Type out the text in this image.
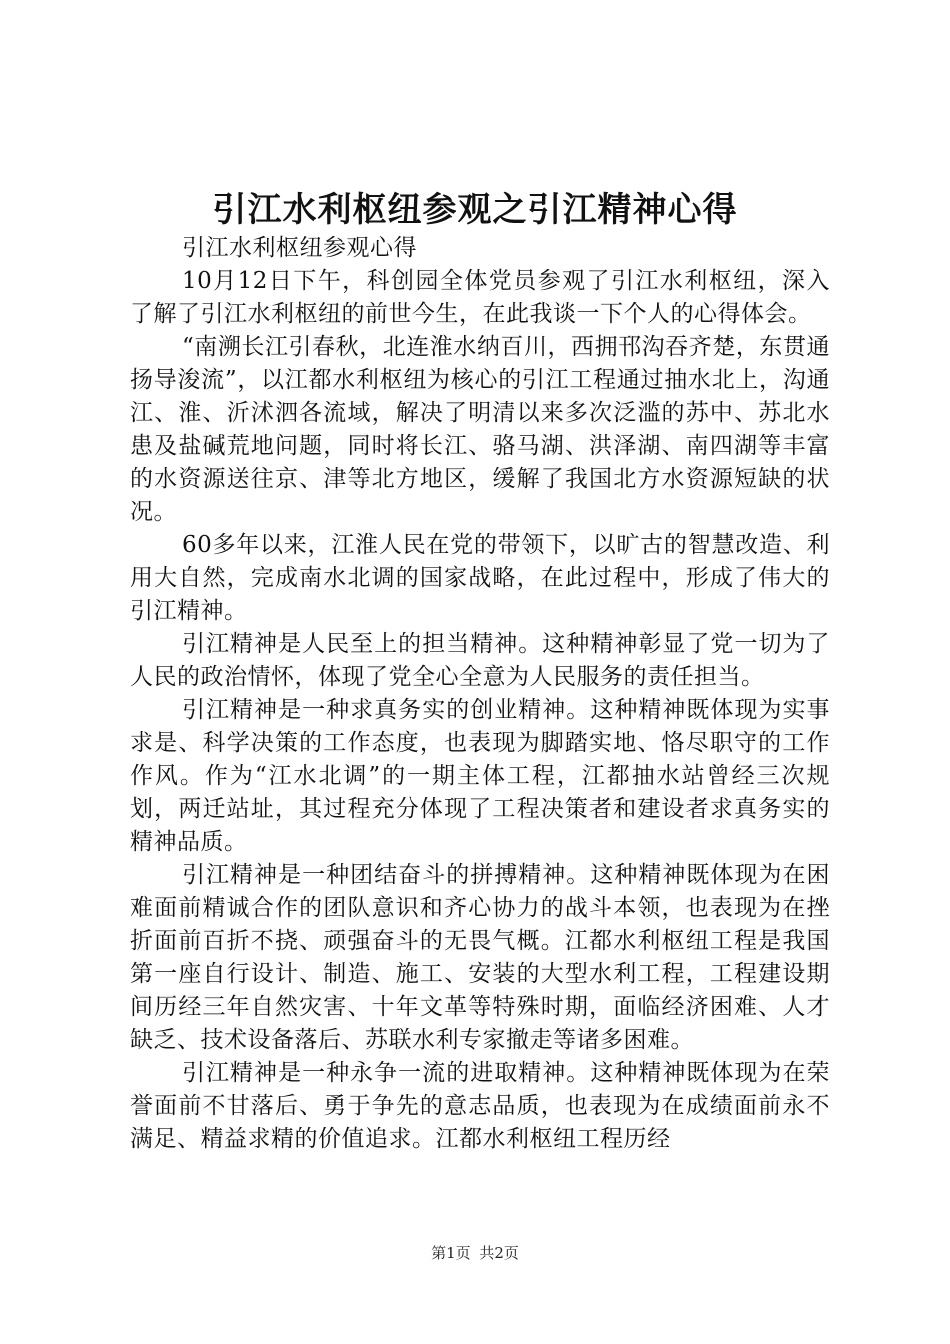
引江水利枢纽参观之引江精神心得

引江水利枢纽参观心得

10月12日下午，科创园全体党员参观了引江水利枢纽，深入了解了引江水利枢纽的前世今生，在此我谈一下个人的心得体会。

“南溯长江引春秋，北连淮水纳百川，西拥邗沟吞齐楚，东贯通扬导浚流”，以江都水利枢纽为核心的引江工程通过抽水北上，沟通江、淮、沂沭泗各流域，解决了明清以来多次泛滥的苏中、苏北水患及盐碱荒地问题，同时将长江、骆马湖、洪泽湖、南四湖等丰富的水资源送往京、津等北方地区，缓解了我国北方水资源短缺的状况。

60多年以来，江淮人民在党的带领下，以旷古的智慧改造、利用大自然，完成南水北调的国家战略，在此过程中，形成了伟大的引江精神。

引江精神是人民至上的担当精神。这种精神彰显了党一切为了人民的政治情怀，体现了党全心全意为人民服务的责任担当。

引江精神是一种求真务实的创业精神。这种精神既体现为实事求是、科学决策的工作态度，也表现为脚踏实地、恪尽职守的工作作风。作为“江水北调”的一期主体工程，江都抽水站曾经三次规划，两迁站址，其过程充分体现了工程决策者和建设者求真务实的精神品质。

引江精神是一种团结奋斗的拼搏精神。这种精神既体现为在困难面前精诚合作的团队意识和齐心协力的战斗本领，也表现为在挫折面前百折不挠、顽强奋斗的无畏气概。江都水利枢纽工程是我国第一座自行设计、制造、施工、安装的大型水利工程，工程建设期间历经三年自然灾害、十年文革等特殊时期，面临经济困难、人才缺乏、技术设备落后、苏联水利专家撤走等诸多困难。

引江精神是一种永争一流的进取精神。这种精神既体现为在荣誉面前不甘落后、勇于争先的意志品质，也表现为在成绩面前永不满足、精益求精的价值追求。江都水利枢纽工程历经

第1页 共2页
